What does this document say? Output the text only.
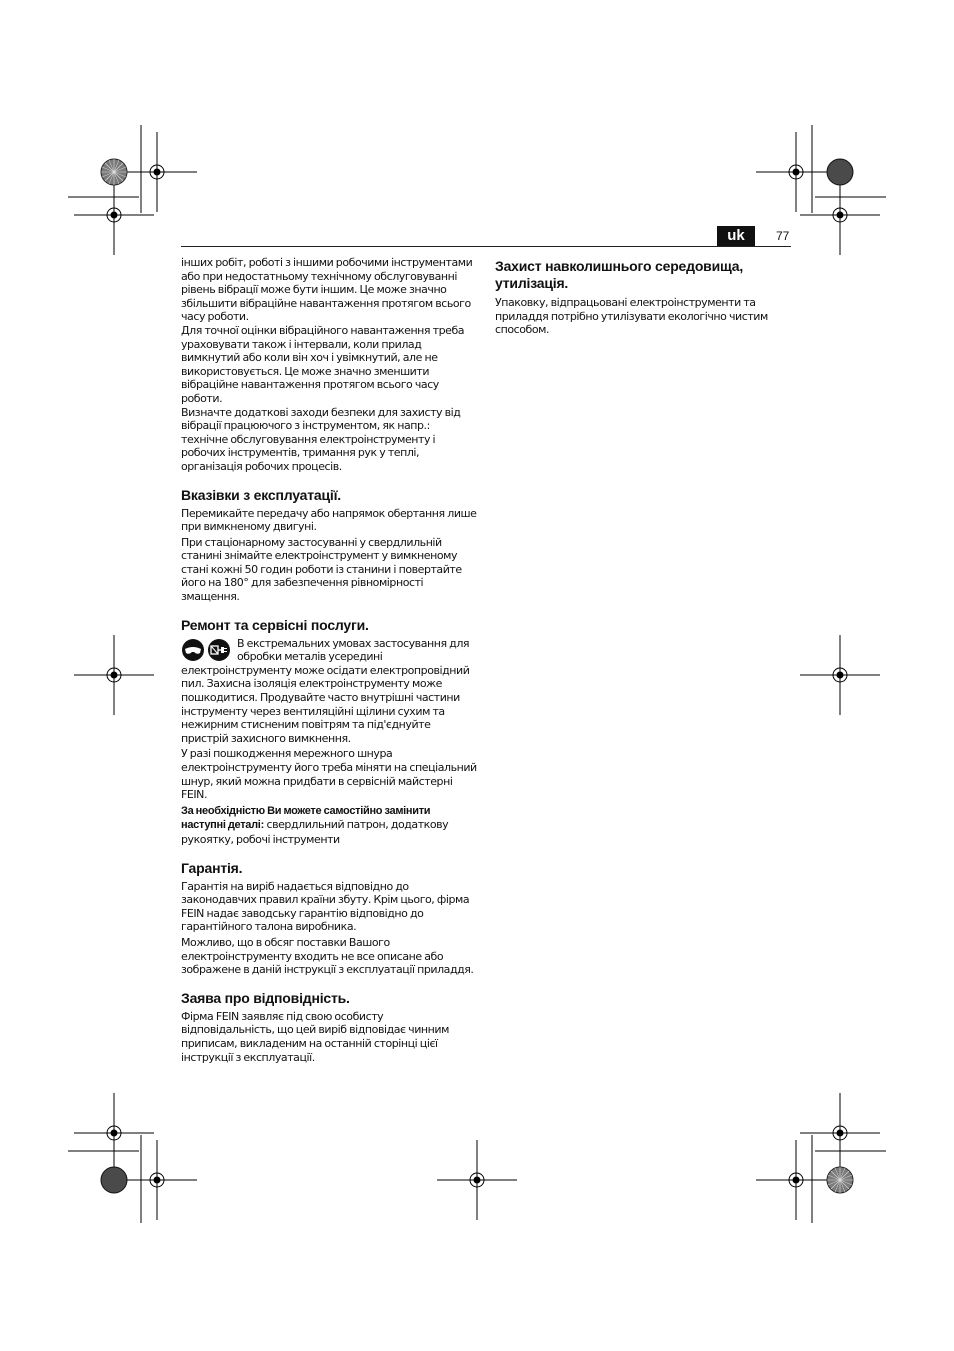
uk	77

інших робіт, роботі з іншими робочими інструментами або при недостатньому технічному обслуговуванні рівень вібрації може бути іншим. Це може значно збільшити вібраційне навантаження протягом всього часу роботи.

Для точної оцінки вібраційного навантаження треба ураховувати також і інтервали, коли прилад вимкнутий або коли він хоч і увімкнутий, але не використовується. Це може значно зменшити вібраційне навантаження протягом всього часу роботи.

Визначте додаткові заходи безпеки для захисту від вібрації працюючого з інструментом, як напр.: технічне обслуговування електроінструменту і робочих інструментів, тримання рук у теплі, організація робочих процесів.

Вказівки з експлуатації.

Перемикайте передачу або напрямок обертання лише при вимкненому двигуні.

При стаціонарному застосуванні у свердлильній станині знімайте електроінструмент у вимкненому стані кожні 50 годин роботи із станини і повертайте його на 180° для забезпечення рівномірності змащення.

Ремонт та сервісні послуги.

В екстремальних умовах застосування для обробки металів усередині електроінструменту може осідати електропровідний пил. Захисна ізоляція електроінструменту може пошкодитися. Продувайте часто внутрішні частини інструменту через вентиляційні щілини сухим та нежирним стисненим повітрям та під'єднуйте пристрій захисного вимкнення.

У разі пошкодження мережного шнура електроінструменту його треба міняти на спеціальний шнур, який можна придбати в сервісній майстерні FEIN.

За необхідністю Ви можете самостійно замінити наступні деталі: свердлильний патрон, додаткову рукоятку, робочі інструменти

Гарантія.

Гарантія на виріб надається відповідно до законодавчих правил країни збуту. Крім цього, фірма FEIN надає заводську гарантію відповідно до гарантійного талона виробника.

Можливо, що в обсяг поставки Вашого електроінструменту входить не все описане або зображене в даній інструкції з експлуатації приладдя.

Заява про відповідність.

Фірма FEIN заявляє під свою особисту відповідальність, що цей виріб відповідає чинним приписам, викладеним на останній сторінці цієї інструкції з експлуатації.

Захист навколишнього середовища, утилізація.

Упаковку, відпрацьовані електроінструменти та приладдя потрібно утилізувати екологічно чистим способом.
